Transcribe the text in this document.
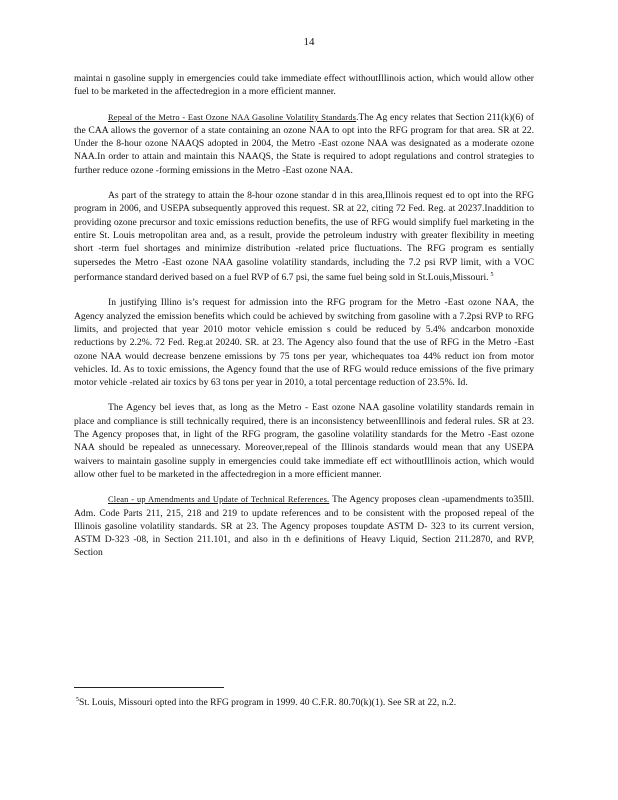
14

maintai n gasoline supply in emergencies could take immediate effect withoutIllinois action, which would allow other fuel to be marketed in the affectedregion in a more efficient manner.

Repeal of the Metro - East Ozone NAA Gasoline Volatility Standards.The Ag ency relates that Section 211(k)(6) of the CAA allows the governor of a state containing an ozone NAA to opt into the RFG program for that area. SR at 22. Under the 8-hour ozone NAAQS adopted in 2004, the Metro -East ozone NAA was designated as a moderate ozone NAA.In order to attain and maintain this NAAQS, the State is required to adopt regulations and control strategies to further reduce ozone -forming emissions in the Metro -East ozone NAA.

As part of the strategy to attain the 8-hour ozone standar d in this area,Illinois request ed to opt into the RFG program in 2006, and USEPA subsequently approved this request. SR at 22, citing 72 Fed. Reg. at 20237.Inaddition to providing ozone precursor and toxic emissions reduction benefits, the use of RFG would simplify fuel marketing in the entire St. Louis metropolitan area and, as a result, provide the petroleum industry with greater flexibility in meeting short -term fuel shortages and minimize distribution -related price fluctuations. The RFG program es sentially supersedes the Metro -East ozone NAA gasoline volatility standards, including the 7.2 psi RVP limit, with a VOC performance standard derived based on a fuel RVP of 6.7 psi, the same fuel being sold in St.Louis,Missouri. $^5$

In justifying Illino is’s request for admission into the RFG program for the Metro -East ozone NAA, the Agency analyzed the emission benefits which could be achieved by switching from gasoline with a 7.2psi RVP to RFG limits, and projected that year 2010 motor vehicle emission s could be reduced by 5.4% andcarbon monoxide reductions by 2.2%. 72 Fed. Reg.at 20240. SR. at 23. The Agency also found that the use of RFG in the Metro -East ozone NAA would decrease benzene emissions by 75 tons per year, whichequates toa 44% reduct ion from motor vehicles. Id. As to toxic emissions, the Agency found that the use of RFG would reduce emissions of the five primary motor vehicle -related air toxics by 63 tons per year in 2010, a total percentage reduction of 23.5%. Id.

The Agency bel ieves that, as long as the Metro - East ozone NAA gasoline volatility standards remain in place and compliance is still technically required, there is an inconsistency betweenIllinois and federal rules. SR at 23. The Agency proposes that, in light of the RFG program, the gasoline volatility standards for the Metro -East ozone NAA should be repealed as unnecessary. Moreover,repeal of the Illinois standards would mean that any USEPA waivers to maintain gasoline supply in emergencies could take immediate eff ect withoutIllinois action, which would allow other fuel to be marketed in the affectedregion in a more efficient manner.

Clean - up Amendments and Update of Technical References. The Agency proposes clean -upamendments to35Ill. Adm. Code Parts 211, 215, 218 and 219 to update references and to be consistent with the proposed repeal of the Illinois gasoline volatility standards. SR at 23. The Agency proposes toupdate ASTM D- 323 to its current version, ASTM D-323 -08, in Section 211.101, and also in th e definitions of Heavy Liquid, Section 211.2870, and RVP, Section

$^5$St. Louis, Missouri opted into the RFG program in 1999. 40 C.F.R. 80.70(k)(1). See SR at 22, n.2.
